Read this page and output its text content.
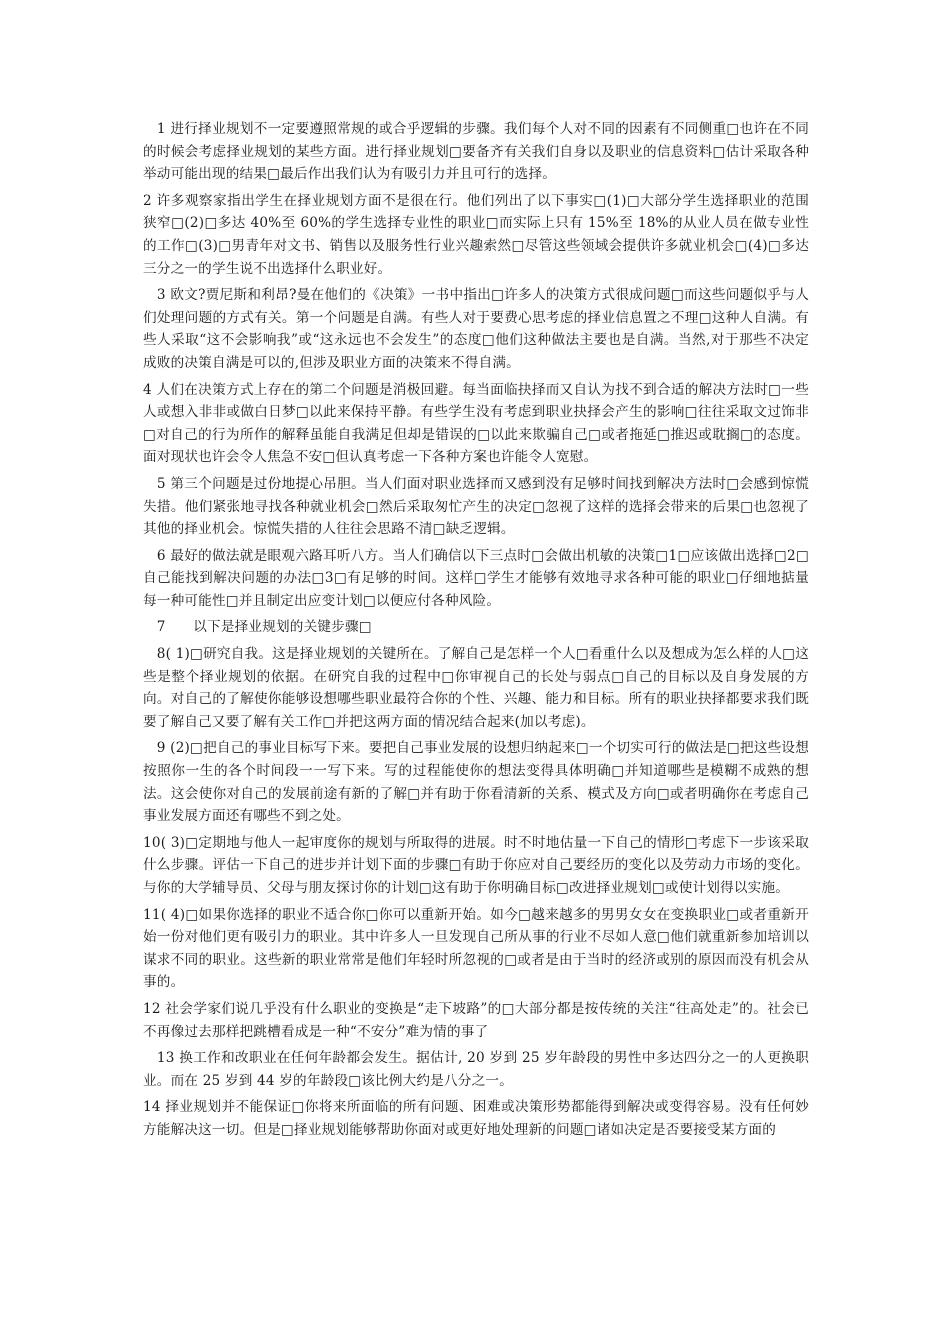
　1 进行择业规划不一定要遵照常规的或合乎逻辑的步骤。我们每个人对不同的因素有不同侧重□也许在不同的时候会考虑择业规划的某些方面。进行择业规划□要备齐有关我们自身以及职业的信息资料□估计采取各种举动可能出现的结果□最后作出我们认为有吸引力并且可行的选择。

2 许多观察家指出学生在择业规划方面不是很在行。他们列出了以下事实□(1)□大部分学生选择职业的范围狭窄□(2)□多达 40%至 60%的学生选择专业性的职业□而实际上只有 15%至 18%的从业人员在做专业性的工作□(3)□男青年对文书、销售以及服务性行业兴趣索然□尽管这些领域会提供许多就业机会□(4)□多达三分之一的学生说不出选择什么职业好。

　3 欧文?贾尼斯和利昂?曼在他们的《决策》一书中指出□许多人的决策方式很成问题□而这些问题似乎与人们处理问题的方式有关。第一个问题是自满。有些人对于要费心思考虑的择业信息置之不理□这种人自满。有些人采取“这不会影响我”或“这永远也不会发生”的态度□他们这种做法主要也是自满。当然,对于那些不决定成败的决策自满是可以的,但涉及职业方面的决策来不得自满。

4 人们在决策方式上存在的第二个问题是消极回避。每当面临抉择而又自认为找不到合适的解决方法时□一些人或想入非非或做白日梦□以此来保持平静。有些学生没有考虑到职业抉择会产生的影响□往往采取文过饰非□对自己的行为所作的解释虽能自我满足但却是错误的□以此来欺骗自己□或者拖延□推迟或耽搁□的态度。面对现状也许会令人焦急不安□但认真考虑一下各种方案也许能令人宽慰。

　5 第三个问题是过份地提心吊胆。当人们面对职业选择而又感到没有足够时间找到解决方法时□会感到惊慌失措。他们紧张地寻找各种就业机会□然后采取匆忙产生的决定□忽视了这样的选择会带来的后果□也忽视了其他的择业机会。惊慌失措的人往往会思路不清□缺乏逻辑。

　6 最好的做法就是眼观六路耳听八方。当人们确信以下三点时□会做出机敏的决策□1□应该做出选择□2□自己能找到解决问题的办法□3□有足够的时间。这样□学生才能够有效地寻求各种可能的职业□仔细地掂量每一种可能性□并且制定出应变计划□以便应付各种风险。

　7　　以下是择业规划的关键步骤□

　8( 1)□研究自我。这是择业规划的关键所在。了解自己是怎样一个人□看重什么以及想成为怎么样的人□这些是整个择业规划的依据。在研究自我的过程中□你审视自己的长处与弱点□自己的目标以及自身发展的方向。对自己的了解使你能够设想哪些职业最符合你的个性、兴趣、能力和目标。所有的职业抉择都要求我们既要了解自己又要了解有关工作□并把这两方面的情况结合起来(加以考虑)。

　9 (2)□把自己的事业目标写下来。要把自己事业发展的设想归纳起来□一个切实可行的做法是□把这些设想按照你一生的各个时间段一一写下来。写的过程能使你的想法变得具体明确□并知道哪些是模糊不成熟的想法。这会使你对自己的发展前途有新的了解□并有助于你看清新的关系、模式及方向□或者明确你在考虑自己事业发展方面还有哪些不到之处。

10( 3)□定期地与他人一起审度你的规划与所取得的进展。时不时地估量一下自己的情形□考虑下一步该采取什么步骤。评估一下自己的进步并计划下面的步骤□有助于你应对自己要经历的变化以及劳动力市场的变化。与你的大学辅导员、父母与朋友探讨你的计划□这有助于你明确目标□改进择业规划□或使计划得以实施。

11( 4)□如果你选择的职业不适合你□你可以重新开始。如今□越来越多的男男女女在变换职业□或者重新开始一份对他们更有吸引力的职业。其中许多人一旦发现自己所从事的行业不尽如人意□他们就重新参加培训以谋求不同的职业。这些新的职业常常是他们年轻时所忽视的□或者是由于当时的经济或别的原因而没有机会从事的。

12 社会学家们说几乎没有什么职业的变换是“走下坡路”的□大部分都是按传统的关注“往高处走”的。社会已不再像过去那样把跳槽看成是一种“不安分”难为情的事了

　13 换工作和改职业在任何年龄都会发生。据估计, 20 岁到 25 岁年龄段的男性中多达四分之一的人更换职业。而在 25 岁到 44 岁的年龄段□该比例大约是八分之一。

14 择业规划并不能保证□你将来所面临的所有问题、困难或决策形势都能得到解决或变得容易。没有任何妙方能解决这一切。但是□择业规划能够帮助你面对或更好地处理新的问题□诸如决定是否要接受某方面的
